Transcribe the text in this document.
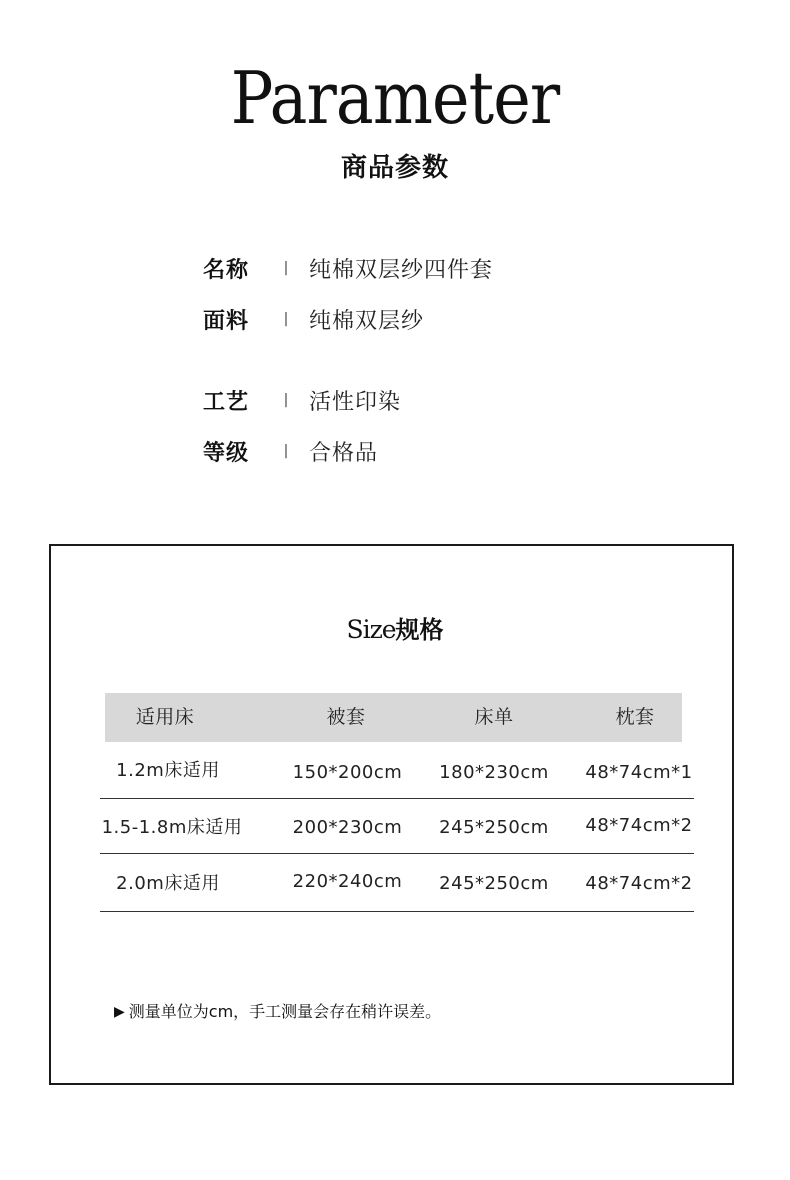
Parameter
商品参数
名称	| 纯棉双层纱四件套
面料	| 纯棉双层纱
工艺	| 活性印染
等级	| 合格品
Size规格
适用床	被套	床单	枕套
1.2m床适用	150*200cm 180*230cm 48*74cm*1
1.5-1.8m床适用	200*230cm 245*250cm 48*74cm*2
2.0m床适用	220*240cm 245*250cm 48*74cm*2
▶ 测量单位为cm，手工测量会存在稍许误差。
